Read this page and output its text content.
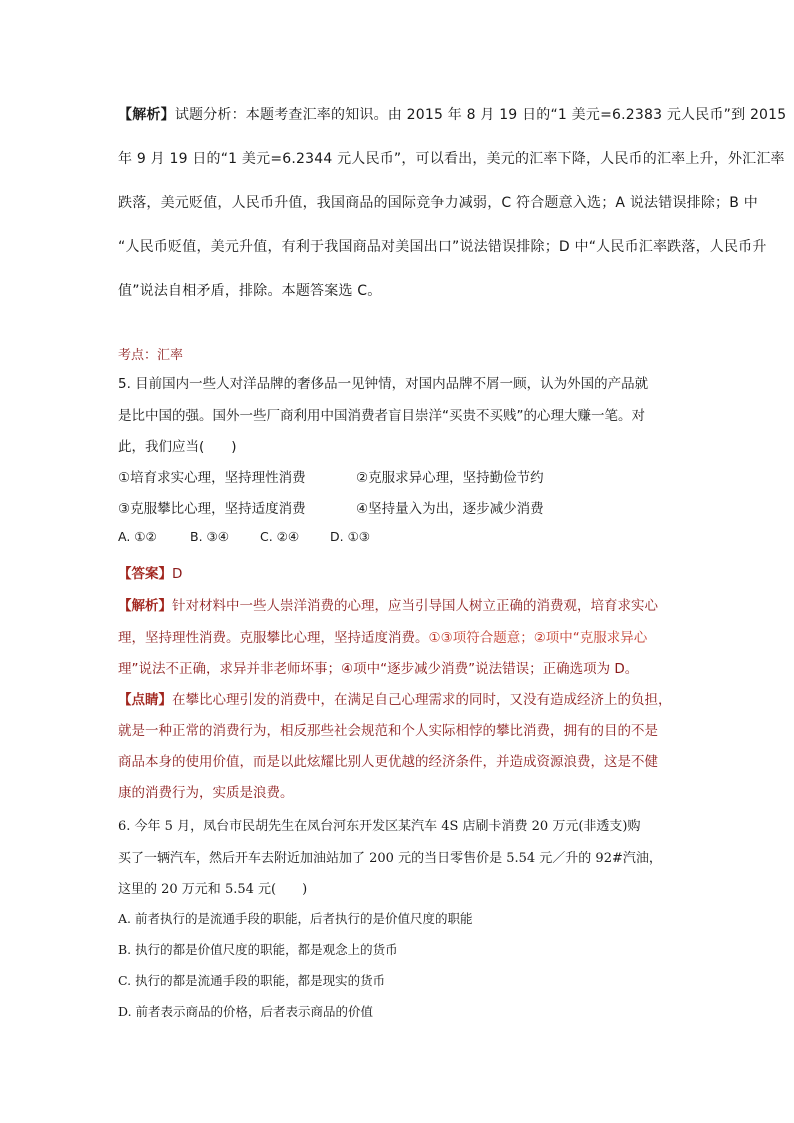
【解析】试题分析：本题考查汇率的知识。由 2015 年 8 月 19 日的“1 美元=6.2383 元人民币”到 2015
年 9 月 19 日的“1 美元=6.2344 元人民币”，可以看出，美元的汇率下降，人民币的汇率上升，外汇汇率
跌落，美元贬值，人民币升值，我国商品的国际竞争力减弱，C 符合题意入选；A 说法错误排除；B 中
“人民币贬值，美元升值，有利于我国商品对美国出口”说法错误排除；D 中“人民币汇率跌落，人民币升
值”说法自相矛盾，排除。本题答案选 C。
考点：汇率
5. 目前国内一些人对洋品牌的奢侈品一见钟情，对国内品牌不屑一顾，认为外国的产品就
是比中国的强。国外一些厂商利用中国消费者盲目崇洋“买贵不买贱”的心理大赚一笔。对
此，我们应当(　　)
①培育求实心理，坚持理性消费	②克服求异心理，坚持勤俭节约
③克服攀比心理，坚持适度消费	④坚持量入为出，逐步减少消费
A. ①②	B. ③④ C. ②④ D. ①③
【答案】D
【解析】针对材料中一些人崇洋消费的心理，应当引导国人树立正确的消费观，培育求实心
理，坚持理性消费。克服攀比心理，坚持适度消费。①③项符合题意；②项中“克服求异心
理”说法不正确，求异并非老师坏事；④项中“逐步减少消费”说法错误；正确选项为 D。
【点睛】在攀比心理引发的消费中，在满足自己心理需求的同时，又没有造成经济上的负担，
就是一种正常的消费行为，相反那些社会规范和个人实际相悖的攀比消费，拥有的目的不是
商品本身的使用价值，而是以此炫耀比别人更优越的经济条件，并造成资源浪费，这是不健
康的消费行为，实质是浪费。
6. 今年 5 月，凤台市民胡先生在凤台河东开发区某汽车 4S 店刷卡消费 20 万元(非透支)购
买了一辆汽车，然后开车去附近加油站加了 200 元的当日零售价是 5.54 元／升的 92#汽油，
这里的 20 万元和 5.54 元(　　)
A. 前者执行的是流通手段的职能，后者执行的是价值尺度的职能
B. 执行的都是价值尺度的职能，都是观念上的货币
C. 执行的都是流通手段的职能，都是现实的货币
D. 前者表示商品的价格，后者表示商品的价值
